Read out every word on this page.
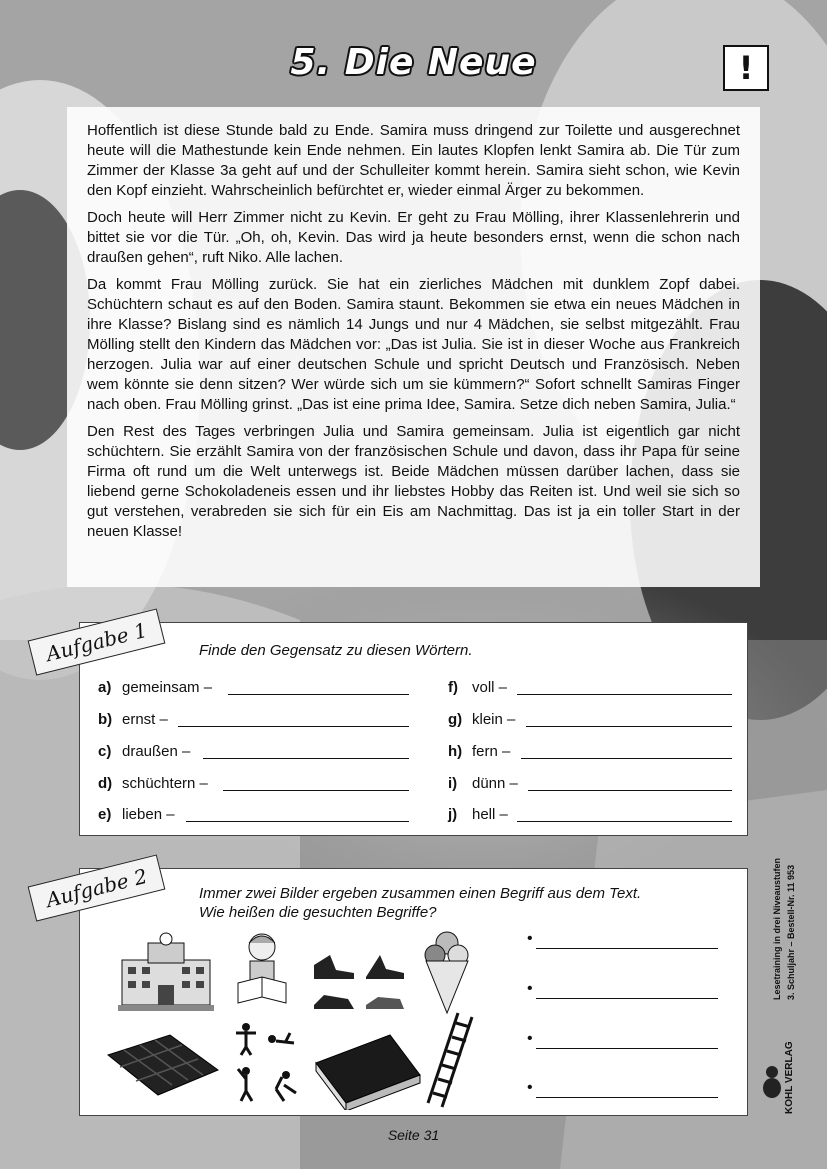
5. Die Neue	!

Hoffentlich ist diese Stunde bald zu Ende. Samira muss dringend zur Toilette und ausgerechnet heute will die Mathestunde kein Ende nehmen. Ein lautes Klopfen lenkt Samira ab. Die Tür zum Zimmer der Klasse 3a geht auf und der Schulleiter kommt herein. Samira sieht schon, wie Kevin den Kopf einzieht. Wahrscheinlich befürchtet er, wieder einmal Ärger zu bekommen.

Doch heute will Herr Zimmer nicht zu Kevin. Er geht zu Frau Mölling, ihrer Klassenlehrerin und bittet sie vor die Tür. „Oh, oh, Kevin. Das wird ja heute besonders ernst, wenn die schon nach draußen gehen“, ruft Niko. Alle lachen.

Da kommt Frau Mölling zurück. Sie hat ein zierliches Mädchen mit dunklem Zopf dabei. Schüchtern schaut es auf den Boden. Samira staunt. Bekommen sie etwa ein neues Mädchen in ihre Klasse? Bislang sind es nämlich 14 Jungs und nur 4 Mädchen, sie selbst mitgezählt. Frau Mölling stellt den Kindern das Mädchen vor: „Das ist Julia. Sie ist in dieser Woche aus Frankreich herzogen. Julia war auf einer deutschen Schule und spricht Deutsch und Französisch. Neben wem könnte sie denn sitzen? Wer würde sich um sie kümmern?“ Sofort schnellt Samiras Finger nach oben. Frau Mölling grinst. „Das ist eine prima Idee, Samira. Setze dich neben Samira, Julia.“

Den Rest des Tages verbringen Julia und Samira gemeinsam. Julia ist eigentlich gar nicht schüchtern. Sie erzählt Samira von der französischen Schule und davon, dass ihr Papa für seine Firma oft rund um die Welt unterwegs ist. Beide Mädchen müssen darüber lachen, dass sie liebend gerne Schokoladeneis essen und ihr liebstes Hobby das Reiten ist. Und weil sie sich so gut verstehen, verabreden sie sich für ein Eis am Nachmittag. Das ist ja ein toller Start in der neuen Klasse!

Aufgabe 1	Finde den Gegensatz zu diesen Wörtern.
a) gemeinsam –
b) ernst –
c) draußen –
d) schüchtern –
e) lieben –
f) voll –
g) klein –
h) fern –
i) dünn –
j) hell –
Aufgabe 2	Immer zwei Bilder ergeben zusammen einen Begriff aus dem Text.
Wie heißen die gesuchten Begriffe?
•
•
•
•
Lesetraining in drei Niveaustufen 3. Schuljahr – Bestell-Nr. 11 953
KOHL VERLAG
Seite 31
